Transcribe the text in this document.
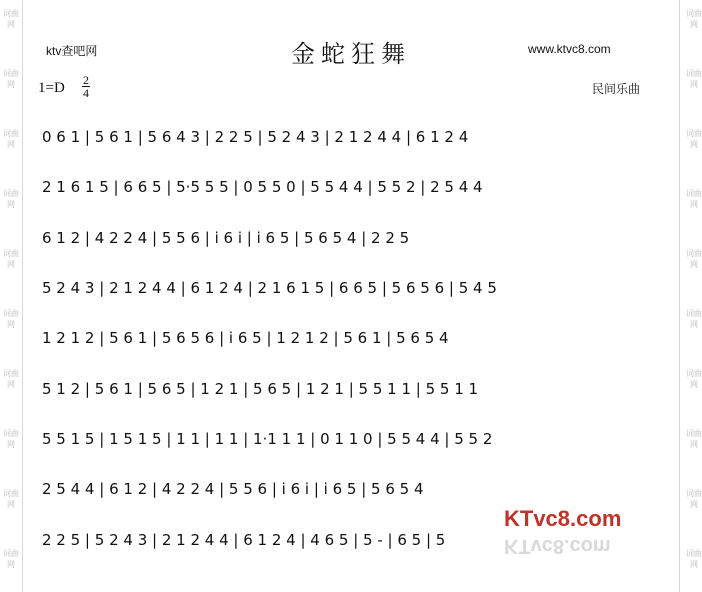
词曲网
词曲网
词曲网
词曲网
词曲网
词曲网
词曲网
词曲网
词曲网
词曲网
词曲网
词曲网
词曲网
词曲网
词曲网
词曲网
词曲网
词曲网
词曲网
词曲网
ktv查吧网	金蛇狂舞	www.ktvc8.com
1=D 2
4	民间乐曲
0 6 1 | 5 6 1 | 5 6 4 3 | 2 2 5 | 5 2 4 3 | 2 1 2 4 4 | 6 1 2 4
2 1 6 1 5 | 6 6 5 | 5·5 5 5 | 0 5 5 0 | 5 5 4 4 | 5 5 2 | 2 5 4 4
6 1 2 | 4 2 2 4 | 5 5 6 | i 6 i | i 6 5 | 5 6 5 4 | 2 2 5
5 2 4 3 | 2 1 2 4 4 | 6 1 2 4 | 2 1 6 1 5 | 6 6 5 | 5 6 5 6 | 5 4 5
1 2 1 2 | 5 6 1 | 5 6 5 6 | i 6 5 | 1 2 1 2 | 5 6 1 | 5 6 5 4
5 1 2 | 5 6 1 | 5 6 5 | 1 2 1 | 5 6 5 | 1 2 1 | 5 5 1 1 | 5 5 1 1
5 5 1 5 | 1 5 1 5 | 1 1 | 1 1 | 1·1 1 1 | 0 1 1 0 | 5 5 4 4 | 5 5 2
2 5 4 4 | 6 1 2 | 4 2 2 4 | 5 5 6 | i 6 i | i 6 5 | 5 6 5 4
2 2 5 | 5 2 4 3 | 2 1 2 4 4 | 6 1 2 4 | 4 6 5 | 5 - | 6 5 | 5
KTvc8.com
KTvc8.com
